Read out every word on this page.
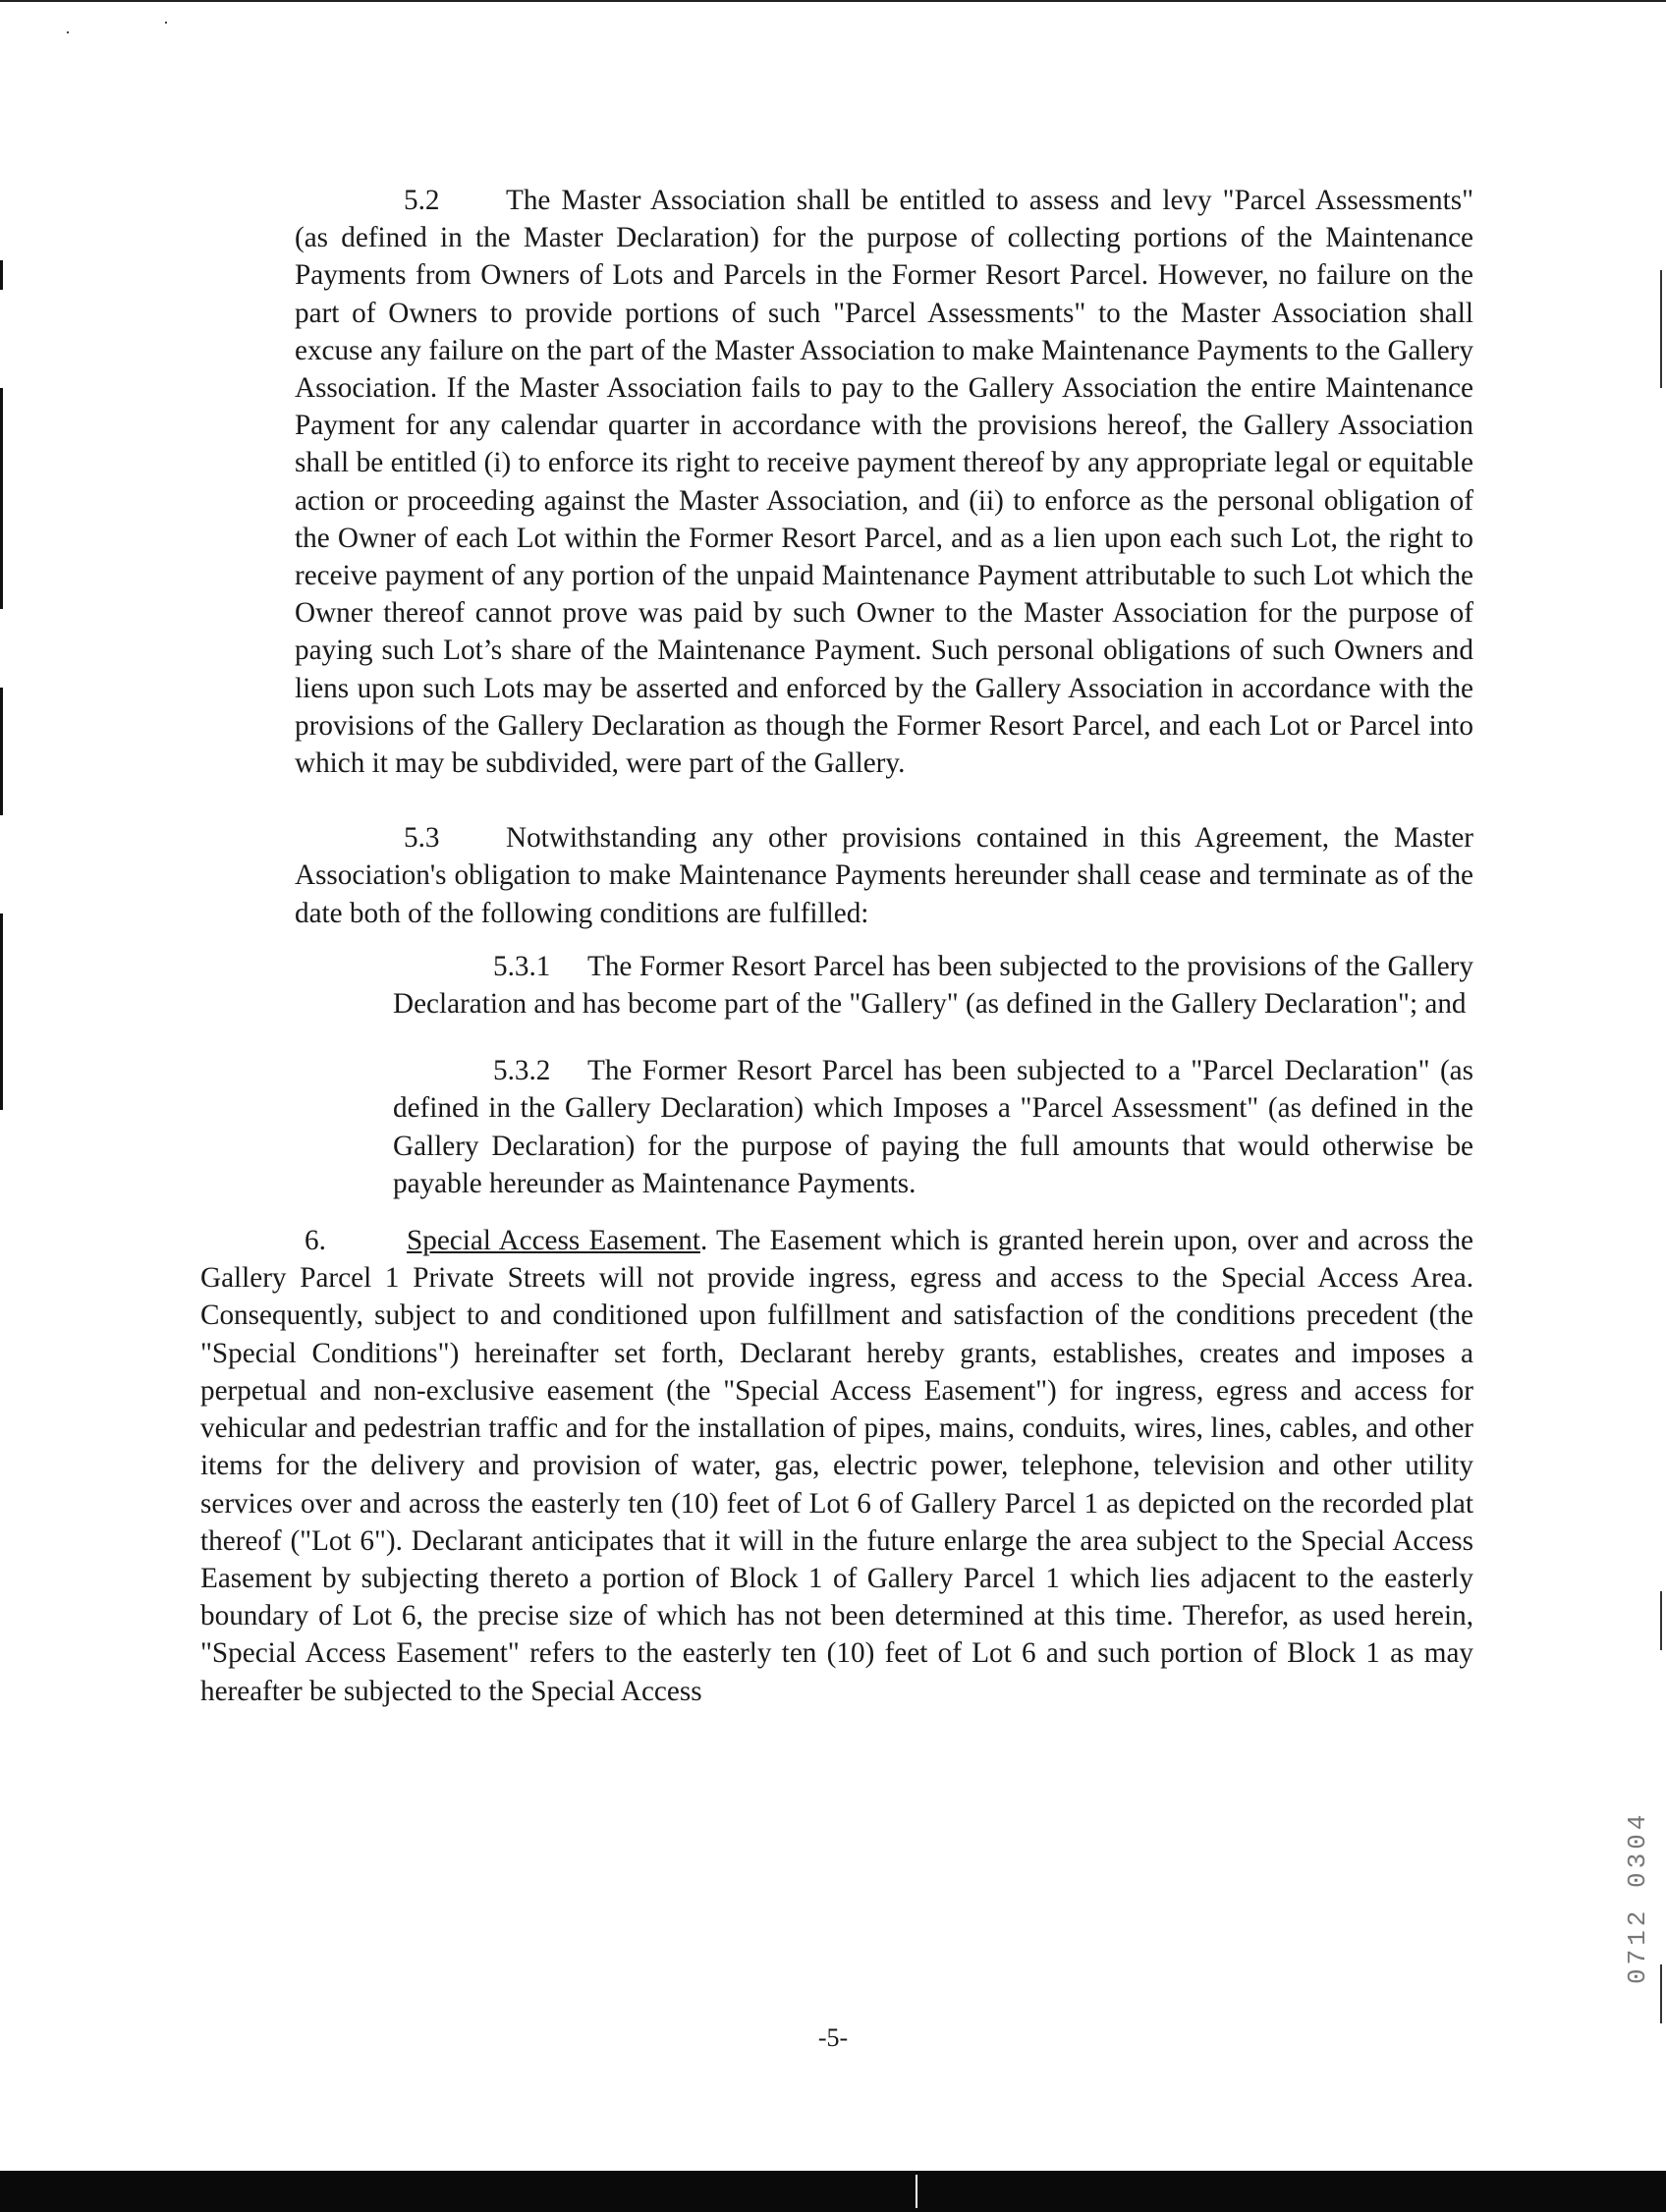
0712 0304

5.2 The Master Association shall be entitled to assess and levy "Parcel Assessments" (as defined in the Master Declaration) for the purpose of collecting portions of the Maintenance Payments from Owners of Lots and Parcels in the Former Resort Parcel. However, no failure on the part of Owners to provide portions of such "Parcel Assessments" to the Master Association shall excuse any failure on the part of the Master Association to make Maintenance Payments to the Gallery Association. If the Master Association fails to pay to the Gallery Association the entire Maintenance Payment for any calendar quarter in accordance with the provisions hereof, the Gallery Association shall be entitled (i) to enforce its right to receive payment thereof by any appropriate legal or equitable action or proceeding against the Master Association, and (ii) to enforce as the personal obligation of the Owner of each Lot within the Former Resort Parcel, and as a lien upon each such Lot, the right to receive payment of any portion of the unpaid Maintenance Payment attributable to such Lot which the Owner thereof cannot prove was paid by such Owner to the Master Association for the purpose of paying such Lot’s share of the Maintenance Payment. Such personal obligations of such Owners and liens upon such Lots may be asserted and enforced by the Gallery Association in accordance with the provisions of the Gallery Declaration as though the Former Resort Parcel, and each Lot or Parcel into which it may be subdivided, were part of the Gallery.

5.3 Notwithstanding any other provisions contained in this Agreement, the Master Association's obligation to make Maintenance Payments hereunder shall cease and terminate as of the date both of the following conditions are fulfilled:

5.3.1 The Former Resort Parcel has been subjected to the provisions of the Gallery Declaration and has become part of the "Gallery" (as defined in the Gallery Declaration"; and

5.3.2 The Former Resort Parcel has been subjected to a "Parcel Declaration" (as defined in the Gallery Declaration) which Imposes a "Parcel Assessment" (as defined in the Gallery Declaration) for the purpose of paying the full amounts that would otherwise be payable hereunder as Maintenance Payments.

6.	Special Access Easement. The Easement which is granted herein upon, over and across the Gallery Parcel 1 Private Streets will not provide ingress, egress and access to the Special Access Area. Consequently, subject to and conditioned upon fulfillment and satisfaction of the conditions precedent (the "Special Conditions") hereinafter set forth, Declarant hereby grants, establishes, creates and imposes a perpetual and non-exclusive easement (the "Special Access Easement") for ingress, egress and access for vehicular and pedestrian traffic and for the installation of pipes, mains, conduits, wires, lines, cables, and other items for the delivery and provision of water, gas, electric power, telephone, television and other utility services over and across the easterly ten (10) feet of Lot 6 of Gallery Parcel 1 as depicted on the recorded plat thereof ("Lot 6"). Declarant anticipates that it will in the future enlarge the area subject to the Special Access Easement by subjecting thereto a portion of Block 1 of Gallery Parcel 1 which lies adjacent to the easterly boundary of Lot 6, the precise size of which has not been determined at this time. Therefor, as used herein, "Special Access Easement" refers to the easterly ten (10) feet of Lot 6 and such portion of Block 1 as may hereafter be subjected to the Special Access

-5-
